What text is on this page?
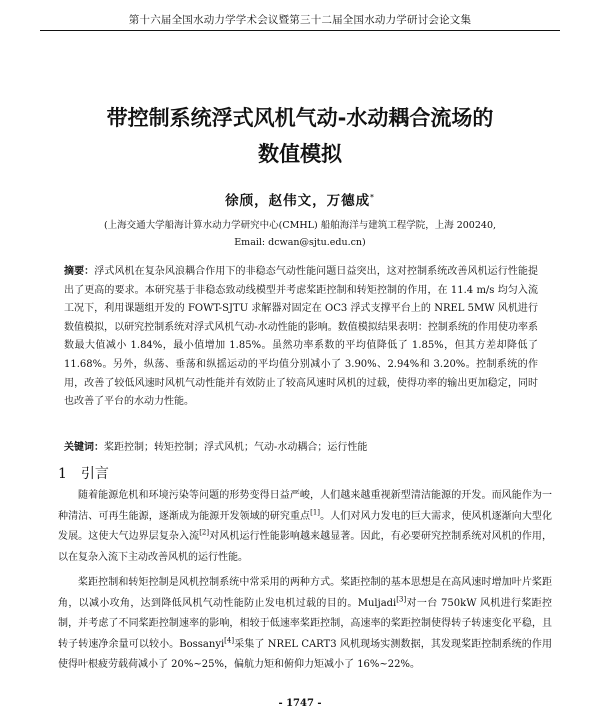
第十六届全国水动力学学术会议暨第三十二届全国水动力学研讨会论文集
带控制系统浮式风机气动-水动耦合流场的
数值模拟
徐颀，赵伟文，万德成*
(上海交通大学船海计算水动力学研究中心(CMHL) 船舶海洋与建筑工程学院，上海 200240,
Email: dcwan@sjtu.edu.cn)
摘要：浮式风机在复杂风浪耦合作用下的非稳态气动性能问题日益突出，这对控制系统改善风机运行性能提出了更高的要求。本研究基于非稳态致动线模型并考虑桨距控制和转矩控制的作用，在 11.4 m/s 均匀入流工况下，利用课题组开发的 FOWT-SJTU 求解器对固定在 OC3 浮式支撑平台上的 NREL 5MW 风机进行数值模拟，以研究控制系统对浮式风机气动-水动性能的影响。数值模拟结果表明：控制系统的作用使功率系数最大值减小 1.84%，最小值增加 1.85%。虽然功率系数的平均值降低了 1.85%，但其方差却降低了 11.68%。另外，纵荡、垂荡和纵摇运动的平均值分别减小了 3.90%、2.94%和 3.20%。控制系统的作用，改善了较低风速时风机气动性能并有效防止了较高风速时风机的过载，使得功率的输出更加稳定，同时也改善了平台的水动力性能。
关键词：桨距控制；转矩控制；浮式风机；气动-水动耦合；运行性能
1 引言
随着能源危机和环境污染等问题的形势变得日益严峻，人们越来越重视新型清洁能源的开发。而风能作为一种清洁、可再生能源，逐渐成为能源开发领域的研究重点[1]。人们对风力发电的巨大需求，使风机逐渐向大型化发展。这使大气边界层复杂入流[2]对风机运行性能影响越来越显著。因此，有必要研究控制系统对风机的作用，以在复杂入流下主动改善风机的运行性能。
桨距控制和转矩控制是风机控制系统中常采用的两种方式。桨距控制的基本思想是在高风速时增加叶片桨距角，以减小攻角，达到降低风机气动性能防止发电机过载的目的。Muljadi[3]对一台 750kW 风机进行桨距控制，并考虑了不同桨距控制速率的影响，相较于低速率桨距控制，高速率的桨距控制使得转子转速变化平稳，且转子转速净余量可以较小。Bossanyi[4]采集了 NREL CART3 风机现场实测数据，其发现桨距控制系统的作用使得叶根疲劳载荷减小了 20%~25%，偏航力矩和俯仰力矩减小了 16%~22%。
- 1747 -
